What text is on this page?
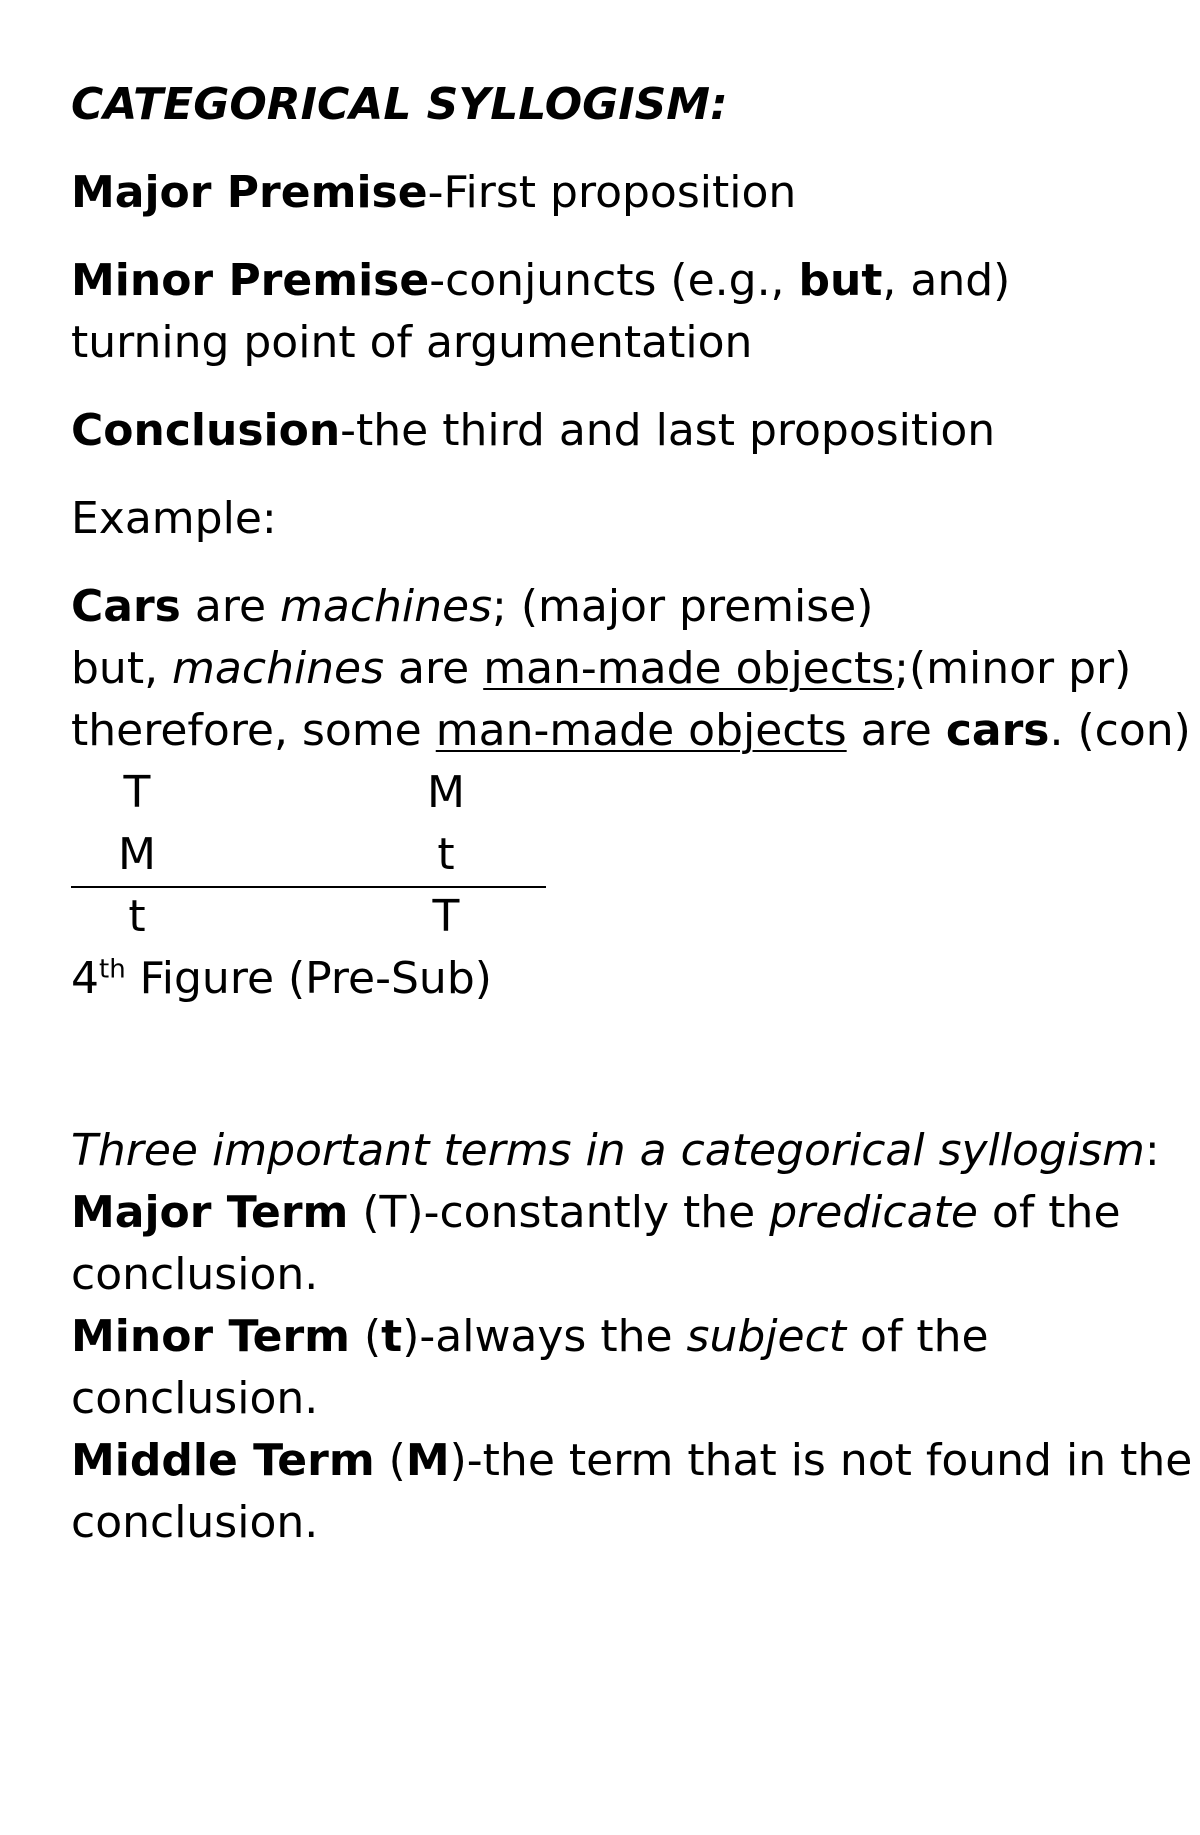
CATEGORICAL SYLLOGISM:
Major Premise-First proposition
Minor Premise-conjuncts (e.g., but, and)
turning point of argumentation
Conclusion-the third and last proposition
Example:
Cars are machines; (major premise)
but, machines are man-made objects;(minor pr)
therefore, some man-made objects are cars. (con)
T	M
M	t
t	T
4th Figure (Pre-Sub)
Three important terms in a categorical syllogism:
Major Term (T)-constantly the predicate of the
conclusion.
Minor Term (t)-always the subject of the
conclusion.
Middle Term (M)-the term that is not found in the
conclusion.
